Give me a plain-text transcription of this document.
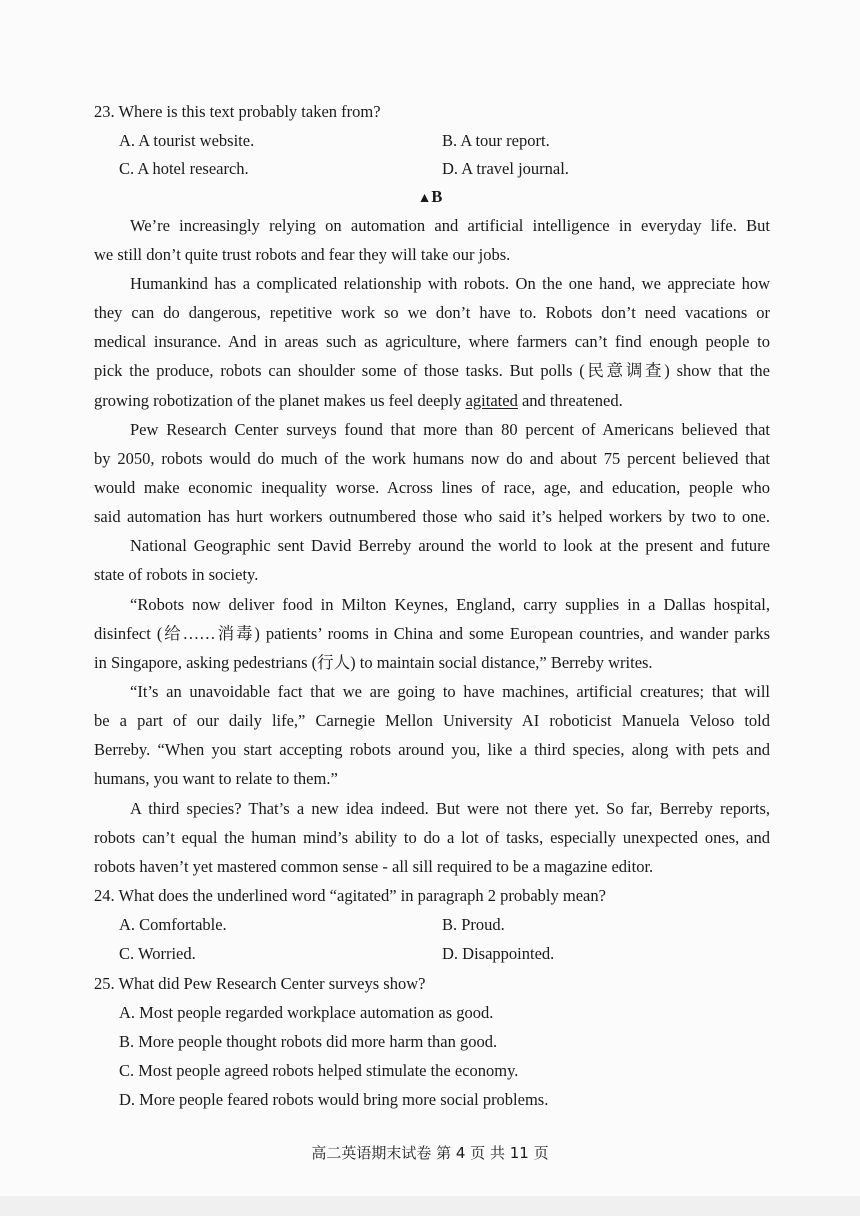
23. Where is this text probably taken from?
A. A tourist website.	B. A tour report.
C. A hotel research.	D. A travel journal.
▲B
We’re increasingly relying on automation and artificial intelligence in everyday life. But
we still don’t quite trust robots and fear they will take our jobs.
Humankind has a complicated relationship with robots. On the one hand, we appreciate how
they can do dangerous, repetitive work so we don’t have to. Robots don’t need vacations or
medical insurance. And in areas such as agriculture, where farmers can’t find enough people to
pick the produce, robots can shoulder some of those tasks. But polls (民意调查) show that the
growing robotization of the planet makes us feel deeply agitated and threatened.
Pew Research Center surveys found that more than 80 percent of Americans believed that
by 2050, robots would do much of the work humans now do and about 75 percent believed that
would make economic inequality worse. Across lines of race, age, and education, people who
said automation has hurt workers outnumbered those who said it’s helped workers by two to one.
National Geographic sent David Berreby around the world to look at the present and future
state of robots in society.
“Robots now deliver food in Milton Keynes, England, carry supplies in a Dallas hospital,
disinfect (给……消毒) patients’ rooms in China and some European countries, and wander parks
in Singapore, asking pedestrians (行人) to maintain social distance,” Berreby writes.
“It’s an unavoidable fact that we are going to have machines, artificial creatures; that will
be a part of our daily life,” Carnegie Mellon University AI roboticist Manuela Veloso told
Berreby. “When you start accepting robots around you, like a third species, along with pets and
humans, you want to relate to them.”
A third species? That’s a new idea indeed. But were not there yet. So far, Berreby reports,
robots can’t equal the human mind’s ability to do a lot of tasks, especially unexpected ones, and
robots haven’t yet mastered common sense - all sill required to be a magazine editor.
24. What does the underlined word “agitated” in paragraph 2 probably mean?
A. Comfortable.	B. Proud.
C. Worried.	D. Disappointed.
25. What did Pew Research Center surveys show?
A. Most people regarded workplace automation as good.
B. More people thought robots did more harm than good.
C. Most people agreed robots helped stimulate the economy.
D. More people feared robots would bring more social problems.
高二英语期末试卷 第 4 页 共 11 页
